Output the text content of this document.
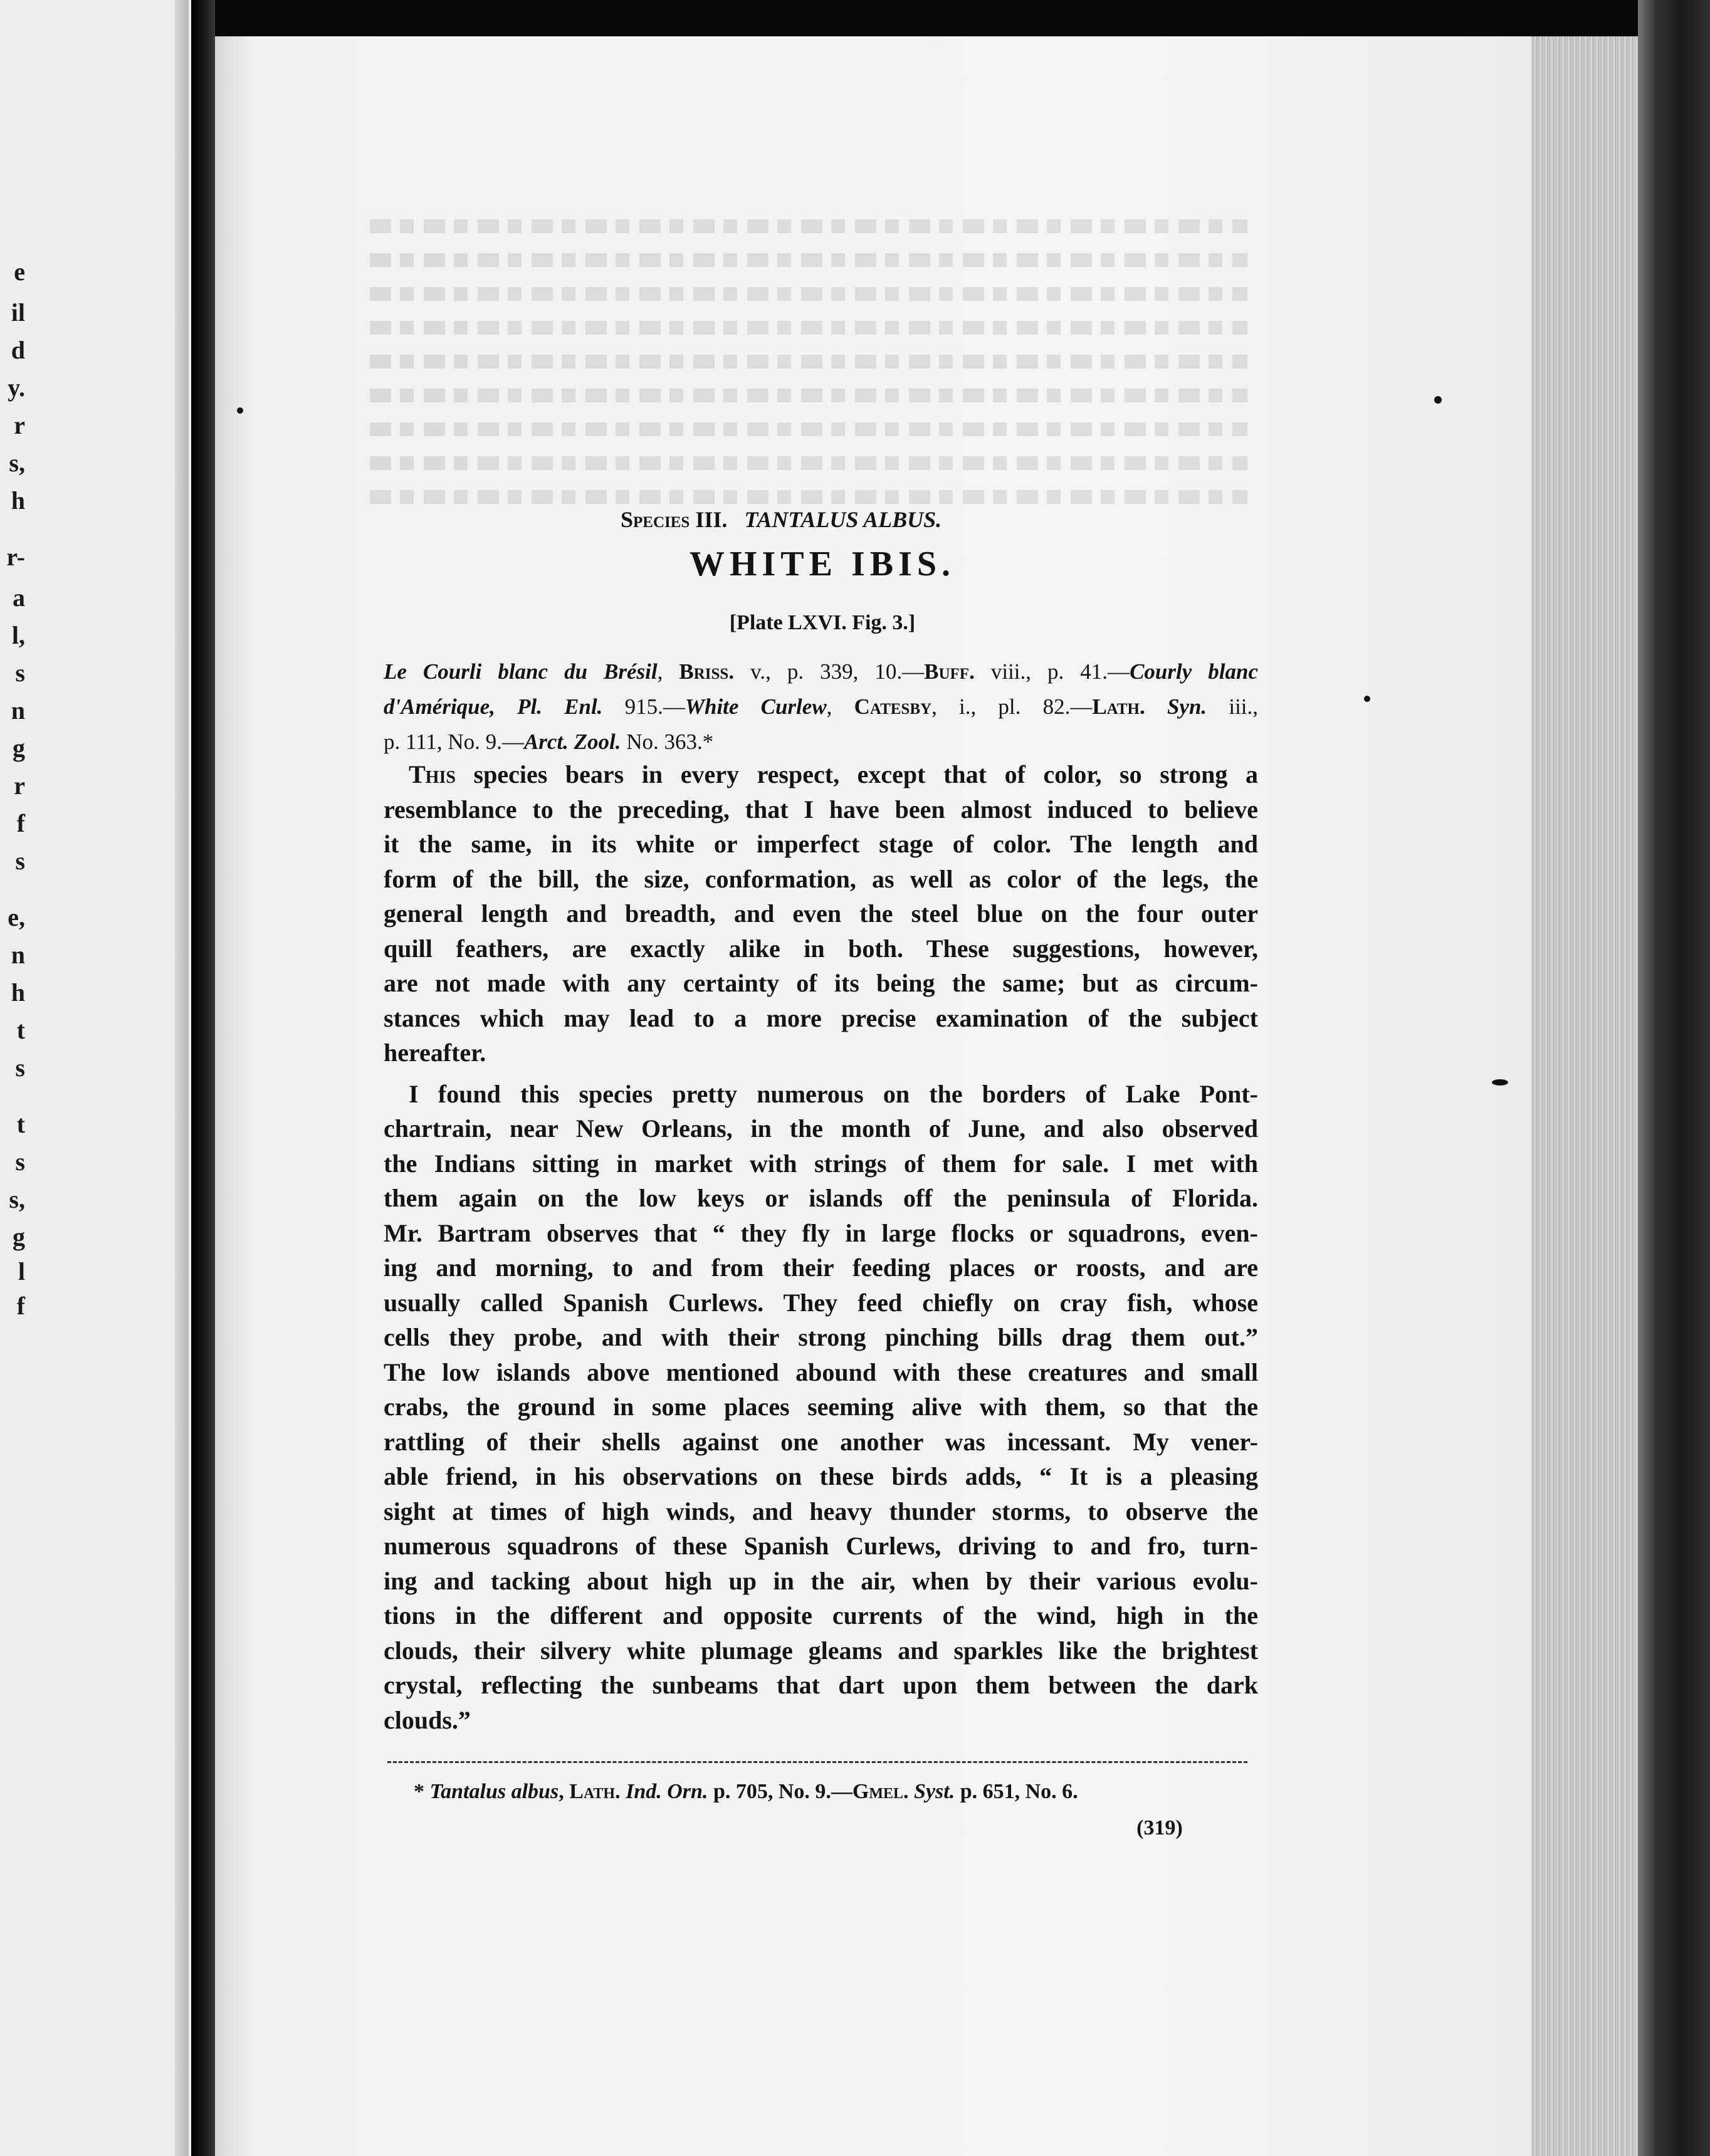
e
il
d
y.
r
s,
h
r-
a
l,
s
n
g
r
f
s
e,
n
h
t
s
t
s
s,
g
l
f
Species III. TANTALUS ALBUS.
WHITE IBIS.
[Plate LXVI. Fig. 3.]
Le Courli blanc du Brésil, Briss. v., p. 339, 10.—Buff. viii., p. 41.—Courly blanc
d'Amérique, Pl. Enl. 915.—White Curlew, Catesby, i., pl. 82.—Lath. Syn. iii.,
p. 111, No. 9.—Arct. Zool. No. 363.*
This species bears in every respect, except that of color, so strong a
resemblance to the preceding, that I have been almost induced to believe
it the same, in its white or imperfect stage of color. The length and
form of the bill, the size, conformation, as well as color of the legs, the
general length and breadth, and even the steel blue on the four outer
quill feathers, are exactly alike in both. These suggestions, however,
are not made with any certainty of its being the same; but as circum-
stances which may lead to a more precise examination of the subject
hereafter.
I found this species pretty numerous on the borders of Lake Pont-
chartrain, near New Orleans, in the month of June, and also observed
the Indians sitting in market with strings of them for sale. I met with
them again on the low keys or islands off the peninsula of Florida.
Mr. Bartram observes that “ they fly in large flocks or squadrons, even-
ing and morning, to and from their feeding places or roosts, and are
usually called Spanish Curlews. They feed chiefly on cray fish, whose
cells they probe, and with their strong pinching bills drag them out.”
The low islands above mentioned abound with these creatures and small
crabs, the ground in some places seeming alive with them, so that the
rattling of their shells against one another was incessant. My vener-
able friend, in his observations on these birds adds, “ It is a pleasing
sight at times of high winds, and heavy thunder storms, to observe the
numerous squadrons of these Spanish Curlews, driving to and fro, turn-
ing and tacking about high up in the air, when by their various evolu-
tions in the different and opposite currents of the wind, high in the
clouds, their silvery white plumage gleams and sparkles like the brightest
crystal, reflecting the sunbeams that dart upon them between the dark
clouds.”
* Tantalus albus, Lath. Ind. Orn. p. 705, No. 9.—Gmel. Syst. p. 651, No. 6.
(319)
